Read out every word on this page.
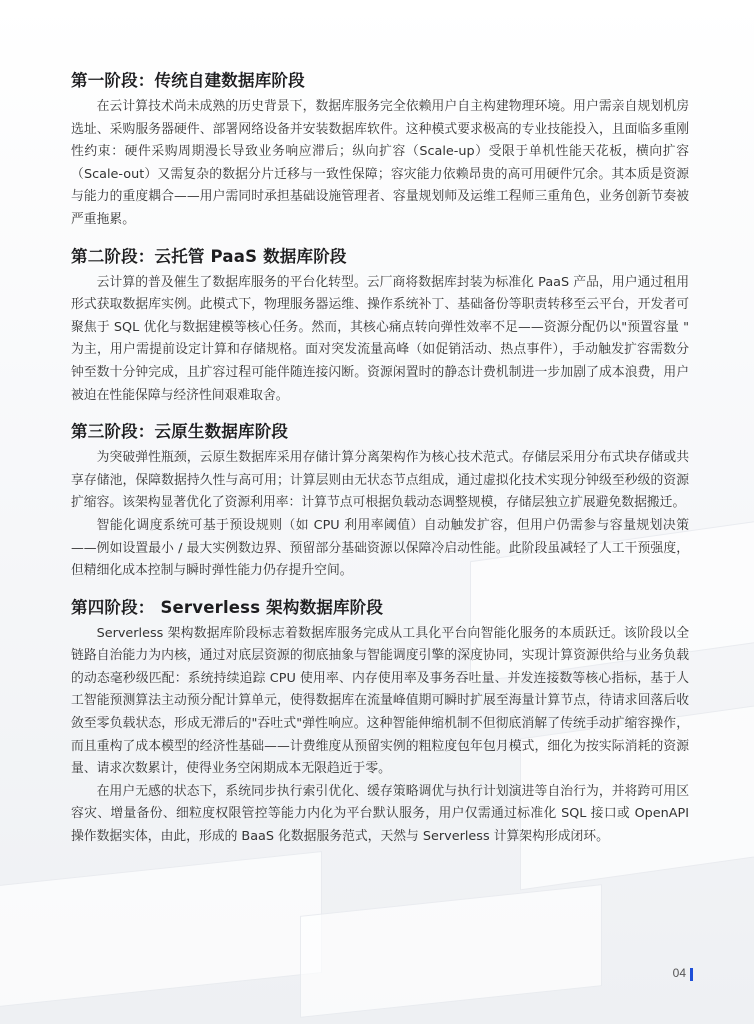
第一阶段：传统自建数据库阶段

在云计算技术尚未成熟的历史背景下，数据库服务完全依赖用户自主构建物理环境。用户需亲自规划机房选址、采购服务器硬件、部署网络设备并安装数据库软件。这种模式要求极高的专业技能投入，且面临多重刚性约束：硬件采购周期漫长导致业务响应滞后；纵向扩容（Scale-up）受限于单机性能天花板，横向扩容（Scale-out）又需复杂的数据分片迁移与一致性保障；容灾能力依赖昂贵的高可用硬件冗余。其本质是资源与能力的重度耦合——用户需同时承担基础设施管理者、容量规划师及运维工程师三重角色，业务创新节奏被严重拖累。

第二阶段：云托管 PaaS 数据库阶段

云计算的普及催生了数据库服务的平台化转型。云厂商将数据库封装为标准化 PaaS 产品，用户通过租用形式获取数据库实例。此模式下，物理服务器运维、操作系统补丁、基础备份等职责转移至云平台，开发者可聚焦于 SQL 优化与数据建模等核心任务。然而，其核心痛点转向弹性效率不足——资源分配仍以"预置容量 " 为主，用户需提前设定计算和存储规格。面对突发流量高峰（如促销活动、热点事件），手动触发扩容需数分钟至数十分钟完成，且扩容过程可能伴随连接闪断。资源闲置时的静态计费机制进一步加剧了成本浪费，用户被迫在性能保障与经济性间艰难取舍。

第三阶段：云原生数据库阶段

为突破弹性瓶颈，云原生数据库采用存储计算分离架构作为核心技术范式。存储层采用分布式块存储或共享存储池，保障数据持久性与高可用；计算层则由无状态节点组成，通过虚拟化技术实现分钟级至秒级的资源扩缩容。该架构显著优化了资源利用率：计算节点可根据负载动态调整规模，存储层独立扩展避免数据搬迁。

智能化调度系统可基于预设规则（如 CPU 利用率阈值）自动触发扩容，但用户仍需参与容量规划决策——例如设置最小 / 最大实例数边界、预留部分基础资源以保障冷启动性能。此阶段虽减轻了人工干预强度，但精细化成本控制与瞬时弹性能力仍存提升空间。

第四阶段： Serverless 架构数据库阶段

Serverless 架构数据库阶段标志着数据库服务完成从工具化平台向智能化服务的本质跃迁。该阶段以全链路自治能力为内核，通过对底层资源的彻底抽象与智能调度引擎的深度协同，实现计算资源供给与业务负载的动态毫秒级匹配：系统持续追踪 CPU 使用率、内存使用率及事务吞吐量、并发连接数等核心指标，基于人工智能预测算法主动预分配计算单元，使得数据库在流量峰值期可瞬时扩展至海量计算节点，待请求回落后收敛至零负载状态，形成无滞后的"吞吐式"弹性响应。这种智能伸缩机制不但彻底消解了传统手动扩缩容操作，而且重构了成本模型的经济性基础——计费维度从预留实例的粗粒度包年包月模式，细化为按实际消耗的资源量、请求次数累计，使得业务空闲期成本无限趋近于零。

在用户无感的状态下，系统同步执行索引优化、缓存策略调优与执行计划演进等自治行为，并将跨可用区容灾、增量备份、细粒度权限管控等能力内化为平台默认服务，用户仅需通过标准化 SQL 接口或 OpenAPI 操作数据实体，由此，形成的 BaaS 化数据服务范式，天然与 Serverless 计算架构形成闭环。

04
